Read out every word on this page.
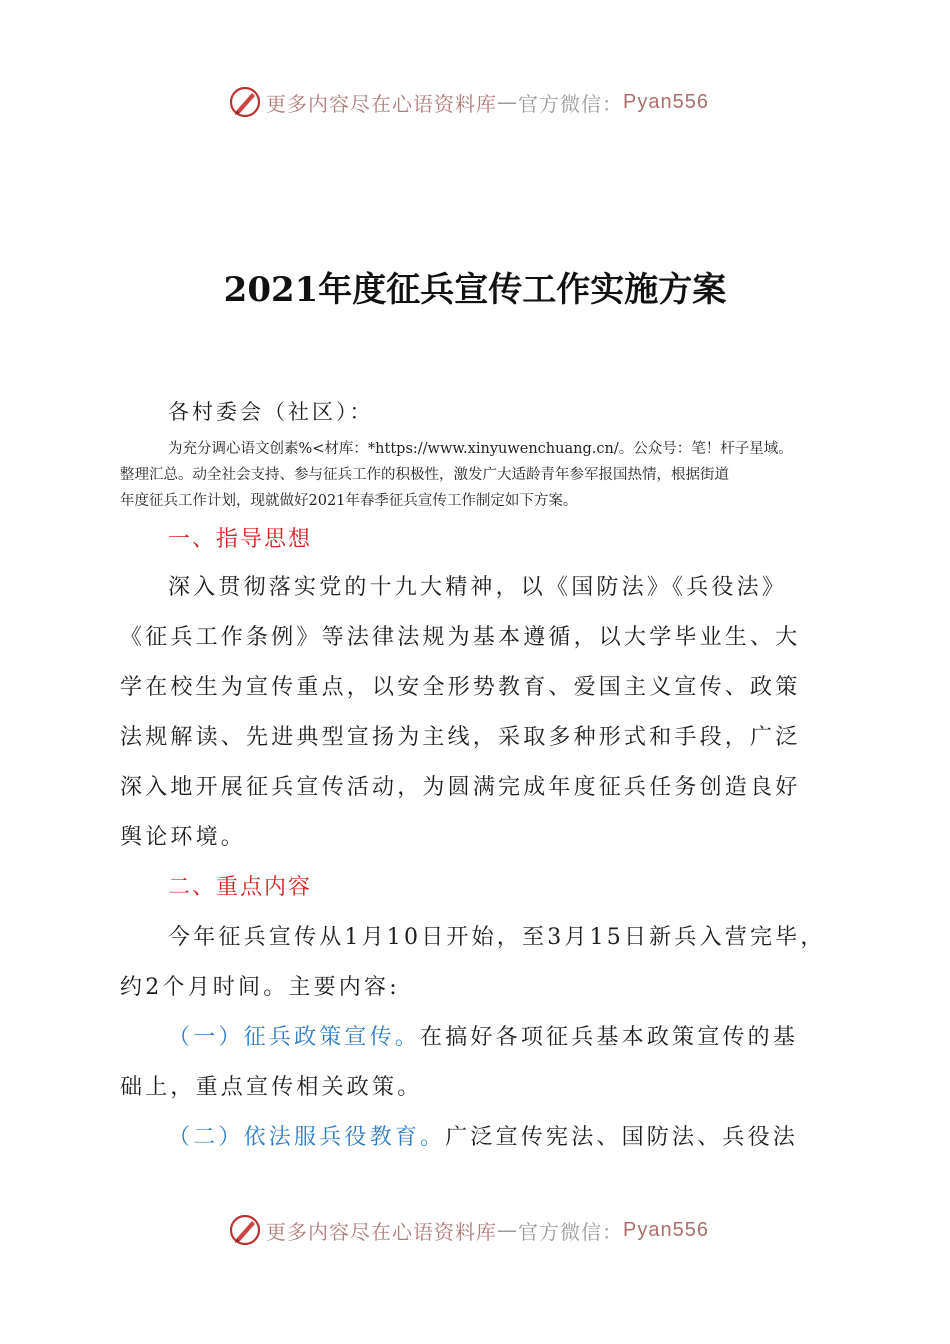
更多内容尽在心语资料库 — 官方微信： Pyan556
2021年度征兵宣传工作实施方案
各村委会（社区）：
为充分调心语文创素%<材库：*https://www.xinyuwenchuang.cn/。公众号：笔！杆子星域。
整理汇总。动全社会支持、参与征兵工作的积极性，激发广大适龄青年参军报国热情，根据街道
年度征兵工作计划，现就做好2021年春季征兵宣传工作制定如下方案。
一、指导思想
深入贯彻落实党的十九大精神，以《国防法》《兵役法》
《征兵工作条例》等法律法规为基本遵循，以大学毕业生、大
学在校生为宣传重点，以安全形势教育、爱国主义宣传、政策
法规解读、先进典型宣扬为主线，采取多种形式和手段，广泛
深入地开展征兵宣传活动，为圆满完成年度征兵任务创造良好
舆论环境。
二、重点内容
今年征兵宣传从1月10日开始，至3月15日新兵入营完毕，
约2个月时间。主要内容:
（一）征兵政策宣传。在搞好各项征兵基本政策宣传的基
础上，重点宣传相关政策。
（二）依法服兵役教育。广泛宣传宪法、国防法、兵役法
更多内容尽在心语资料库 — 官方微信： Pyan556
